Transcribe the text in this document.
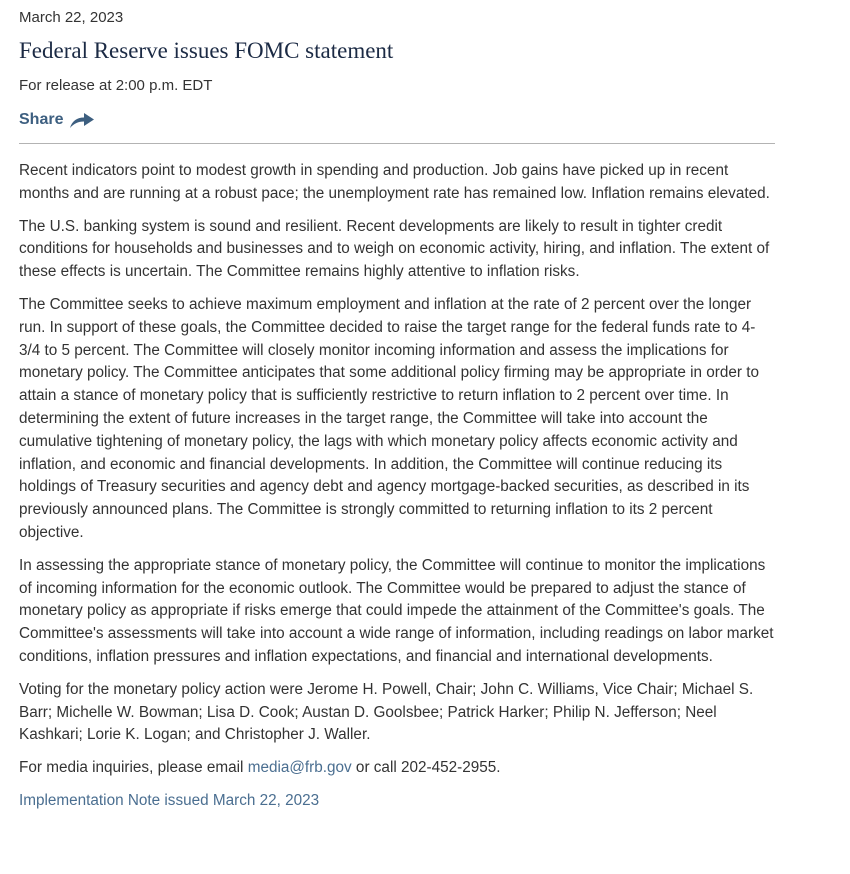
March 22, 2023

Federal Reserve issues FOMC statement

For release at 2:00 p.m. EDT

Share

Recent indicators point to modest growth in spending and production. Job gains have picked up in recent months and are running at a robust pace; the unemployment rate has remained low. Inflation remains elevated.

The U.S. banking system is sound and resilient. Recent developments are likely to result in tighter credit conditions for households and businesses and to weigh on economic activity, hiring, and inflation. The extent of these effects is uncertain. The Committee remains highly attentive to inflation risks.

The Committee seeks to achieve maximum employment and inflation at the rate of 2 percent over the longer run. In support of these goals, the Committee decided to raise the target range for the federal funds rate to 4-3/4 to 5 percent. The Committee will closely monitor incoming information and assess the implications for monetary policy. The Committee anticipates that some additional policy firming may be appropriate in order to attain a stance of monetary policy that is sufficiently restrictive to return inflation to 2 percent over time. In determining the extent of future increases in the target range, the Committee will take into account the cumulative tightening of monetary policy, the lags with which monetary policy affects economic activity and inflation, and economic and financial developments. In addition, the Committee will continue reducing its holdings of Treasury securities and agency debt and agency mortgage-backed securities, as described in its previously announced plans. The Committee is strongly committed to returning inflation to its 2 percent objective.

In assessing the appropriate stance of monetary policy, the Committee will continue to monitor the implications of incoming information for the economic outlook. The Committee would be prepared to adjust the stance of monetary policy as appropriate if risks emerge that could impede the attainment of the Committee's goals. The Committee's assessments will take into account a wide range of information, including readings on labor market conditions, inflation pressures and inflation expectations, and financial and international developments.

Voting for the monetary policy action were Jerome H. Powell, Chair; John C. Williams, Vice Chair; Michael S. Barr; Michelle W. Bowman; Lisa D. Cook; Austan D. Goolsbee; Patrick Harker; Philip N. Jefferson; Neel Kashkari; Lorie K. Logan; and Christopher J. Waller.

For media inquiries, please email media@frb.gov or call 202-452-2955.

Implementation Note issued March 22, 2023
